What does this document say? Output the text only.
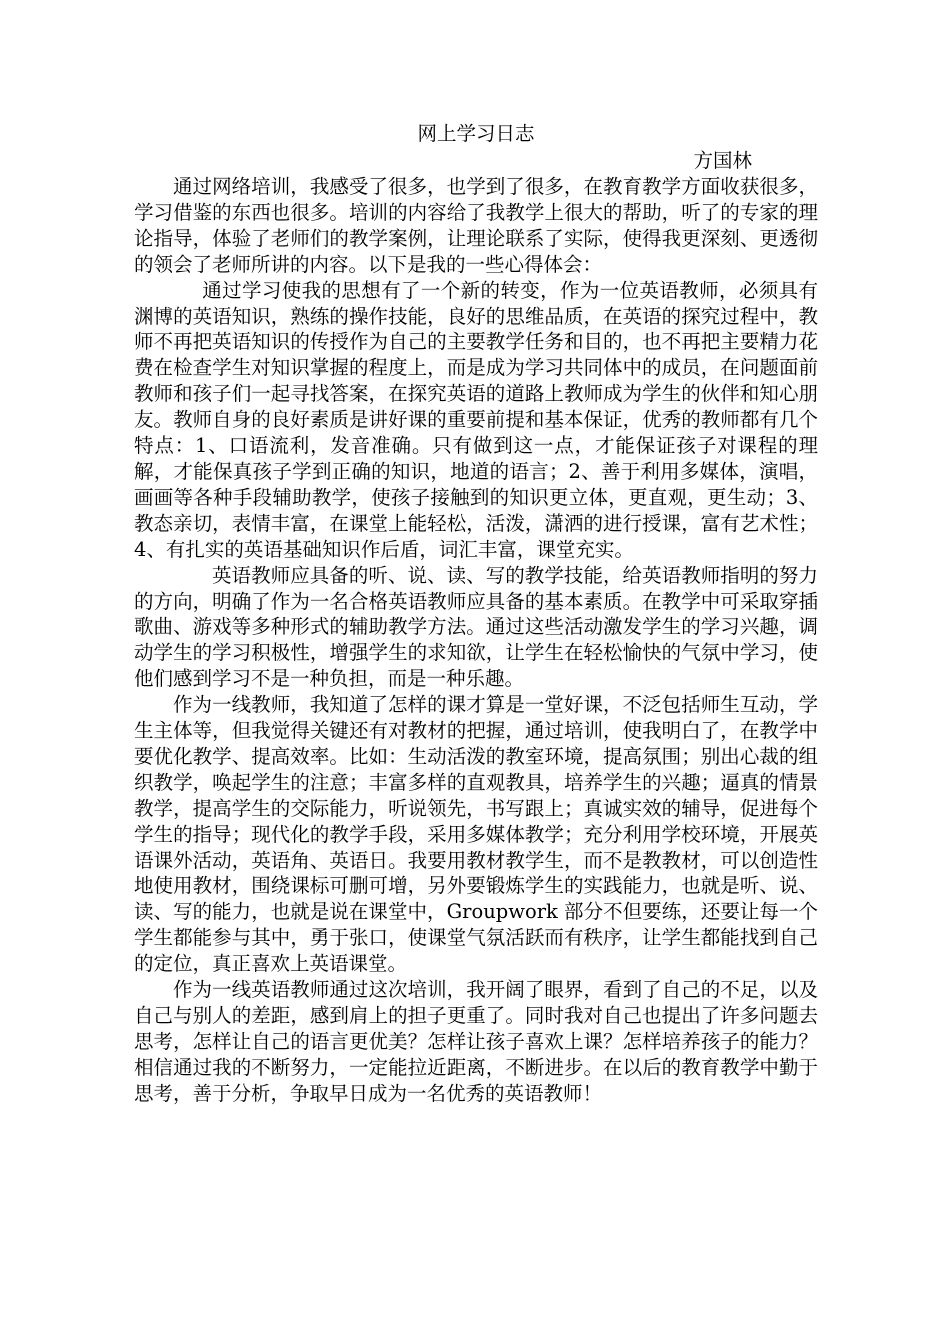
网上学习日志

方国林

通过网络培训，我感受了很多，也学到了很多，在教育教学方面收获很多，学习借鉴的东西也很多。培训的内容给了我教学上很大的帮助，听了的专家的理论指导，体验了老师们的教学案例，让理论联系了实际，使得我更深刻、更透彻的领会了老师所讲的内容。以下是我的一些心得体会：

通过学习使我的思想有了一个新的转变，作为一位英语教师，必须具有渊博的英语知识，熟练的操作技能，良好的思维品质，在英语的探究过程中，教师不再把英语知识的传授作为自己的主要教学任务和目的，也不再把主要精力花费在检查学生对知识掌握的程度上，而是成为学习共同体中的成员，在问题面前教师和孩子们一起寻找答案，在探究英语的道路上教师成为学生的伙伴和知心朋友。教师自身的良好素质是讲好课的重要前提和基本保证，优秀的教师都有几个特点：1、口语流利，发音准确。只有做到这一点，才能保证孩子对课程的理解，才能保真孩子学到正确的知识，地道的语言；2、善于利用多媒体，演唱，画画等各种手段辅助教学，使孩子接触到的知识更立体，更直观，更生动；3、教态亲切，表情丰富，在课堂上能轻松，活泼，潇洒的进行授课，富有艺术性；4、有扎实的英语基础知识作后盾，词汇丰富，课堂充实。

英语教师应具备的听、说、读、写的教学技能，给英语教师指明的努力的方向，明确了作为一名合格英语教师应具备的基本素质。在教学中可采取穿插歌曲、游戏等多种形式的辅助教学方法。通过这些活动激发学生的学习兴趣，调动学生的学习积极性，增强学生的求知欲，让学生在轻松愉快的气氛中学习，使他们感到学习不是一种负担，而是一种乐趣。

作为一线教师，我知道了怎样的课才算是一堂好课，不泛包括师生互动，学生主体等，但我觉得关键还有对教材的把握，通过培训，使我明白了，在教学中要优化教学、提高效率。比如：生动活泼的教室环境，提高氛围；别出心裁的组织教学，唤起学生的注意；丰富多样的直观教具，培养学生的兴趣；逼真的情景教学，提高学生的交际能力，听说领先，书写跟上；真诚实效的辅导，促进每个学生的指导；现代化的教学手段，采用多媒体教学；充分利用学校环境，开展英语课外活动，英语角、英语日。我要用教材教学生，而不是教教材，可以创造性地使用教材，围绕课标可删可增，另外要锻炼学生的实践能力，也就是听、说、读、写的能力，也就是说在课堂中，Groupwork 部分不但要练，还要让每一个学生都能参与其中，勇于张口，使课堂气氛活跃而有秩序，让学生都能找到自己的定位，真正喜欢上英语课堂。

作为一线英语教师通过这次培训，我开阔了眼界，看到了自己的不足，以及自己与别人的差距，感到肩上的担子更重了。同时我对自己也提出了许多问题去思考，怎样让自己的语言更优美？怎样让孩子喜欢上课？怎样培养孩子的能力？相信通过我的不断努力，一定能拉近距离，不断进步。在以后的教育教学中勤于思考，善于分析，争取早日成为一名优秀的英语教师！
